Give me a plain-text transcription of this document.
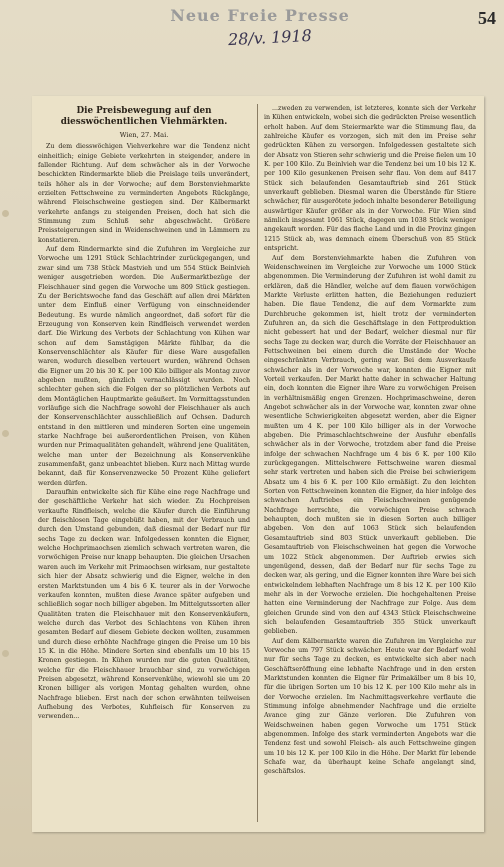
Neue Freie Presse
28/v. 1918
54
Die Preisbewegung auf den diesswöchentlichen Viehmärkten.
Wien, 27. Mai.

Zu dem diesswöchigen Viehverkehre war die Tendenz nicht einheitlich; einige Gebiete verkehrten in steigender, andere in fallender Richtung. Auf dem schwächer als in der Vorwoche beschickten Rindermarkte blieb die Preislage teils unverändert, teils höher als in der Vorwoche; auf dem Borstenviehmarkte erzielten Fettschweine zu verminderten Angebots Rückgänge, während Fleischschweine gestiegen sind. Der Kälbermarkt verkehrte anfangs zu steigenden Preisen, doch hat sich die Stimmung zum Schluß sehr abgeschwächt. Größere Preissteigerungen sind in Weidenschweinen und in Lämmern zu konstatieren.

Auf dem Rindermarkte sind die Zufuhren im Vergleiche zur Vorwoche um 1291 Stück Schlachtrinder zurückgegangen, und zwar sind um 738 Stück Mastvieh und um 554 Stück Beinlvieh weniger ausgetrieben worden. Die Außermarktbezüge der Fleischhauer sind gegen die Vorwoche um 809 Stück gestiegen. Zu der Berichtswoche fand das Geschäft auf allen drei Märkten unter dem Einfluß einer Verfügung von einschneidender Bedeutung. Es wurde nämlich angeordnet, daß sofort für die Erzeugung von Konserven kein Rindfleisch verwendet werden darf. Die Wirkung des Verbots der Schlachtung von Kühen war schon auf dem Samstägigen Märkte fühlbar, da die Konservenschlächter als Käufer für diese Ware ausgefallen waren, wodurch dieselben verteuert wurden, während Ochsen die Eigner um 20 bis 30 K. per 100 Kilo billiger als Montag zuvor abgeben mußten, gänzlich vernachlässigt wurden. Noch schlechter gehen sich die Folgen der so plötzlichen Verbots auf dem Montäglichen Hauptmarkte geäußert. Im Vormittagsstunden vorläufige sich die Nachfrage sowohl der Fleischhauer als auch der Konservenschlächter ausschließlich auf Ochsen. Dadurch entstand in den mittleren und minderen Sorten eine ungemein starke Nachfrage bei außerordentlichen Preisen, von Kühen wurden nur Primaqualitäten gehandelt, während jene Qualitäten, welche man unter der Bezeichnung als Konservenkühe zusammenfaßt, ganz unbeachtet blieben. Kurz nach Mittag wurde bekannt, daß für Konservenzwecke 50 Prozent Kühe geliefert werden dürfen.

Daraufhin entwickelte sich für Kühe eine rege Nachfrage und der geschäftliche Verkehr hat sich wieder. Zu Hochpreisen verkaufte Rindfleisch, welche die Käufer durch die Einführung der fleischlosen Tage eingebüßt haben, mit der Verbrauch und durch den Umstand gebunden, daß diesmal der Bedarf nur für sechs Tage zu decken war. Infolgedessen konnten die Eigner, welche Hochprimaochsen ziemlich schwach vertreten waren, die vorwöchigen Preise nur knapp behaupten. Die gleichen Ursachen waren auch im Verkehr mit Primaochsen wirksam, nur gestaltete sich hier der Absatz schwierig und die Eigner, welche in den ersten Marktstunden um 4 bis 6 K. teurer als in der Vorwoche verkaufen konnten, mußten diese Avance später aufgeben und schließlich sogar noch billiger abgeben. Im Mittelgutssorten aller Qualitäten traten die Fleischhauer mit den Konservenkäufern, welche durch das Verbot des Schlachtens von Kühen ihren gesamten Bedarf auf diesem Gebiete decken wollten, zusammen und durch diese erhöhte Nachfrage gingen die Preise um 10 bis 15 K. in die Höhe. Mindere Sorten sind ebenfalls um 10 bis 15 Kronen gestiegen. In Kühen wurden nur die guten Qualitäten, welche für die Fleischhauer brauchbar sind, zu vorwöchigen Preisen abgesetzt, während Konservenkühe, wiewohl sie um 20 Kronen billiger als vorigen Montag gehalten wurden, ohne Nachfrage blieben. Erst nach der schon erwähnten teilweisen Aufhebung des Verbotes, Kuhfleisch für Konserven zu verwenden...

...zweden zu verwenden, ist letzteres, konnte sich der Verkehr in Kühen entwickeln, wobei sich die gedrückten Preise wesentlich erholt haben. Auf dem Steiermarkte war die Stimmung flau, da zahlreiche Käufer es vorzogen, sich mit den im Preise sehr gedrückten Kühen zu versorgen. Infolgedessen gestaltete sich der Absatz von Stieren sehr schwierig und die Preise fielen um 10 K. per 100 Kilo. Zu Beinlvieh war die Tendenz bei um 10 bis 12 K. per 100 Kilo gesunkenen Preisen sehr flau. Von dem auf 8417 Stück sich belaufenden Gesamtauftrieb sind 261 Stück unverkauft geblieben. Diesmal waren die Überstände für Stiere schwächer, für ausgerötete jedoch inhalte besonderer Beteiligung auswärtiger Käufer größer als in der Vorwoche. Für Wien sind nämlich insgesamt 1061 Stück, dagegen um 1038 Stück weniger angekauft worden. Für das flache Land und in die Provinz gingen 1215 Stück ab, was demnach einem Überschuß von 85 Stück entspricht.

Auf dem Borstenviehmarkte haben die Zufuhren von Weidenschweinen im Vergleiche zur Vorwoche um 1000 Stück abgenommen. Die Verminderung der Zufuhren ist wohl damit zu erklären, daß die Händler, welche auf dem flauen vorwöchigen Markte Verluste erlitten hatten, die Beziehungen reduziert haben. Die flaue Tendenz, die auf dem Vormarkte zum Durchbruche gekommen ist, hielt trotz der verminderten Zufuhren an, da sich die Geschäftslage in den Fettproduktion nicht gebessert hat und der Bedarf, welcher diesmal nur für sechs Tage zu decken war, durch die Vorräte der Fleischhauer an Fettschweinen bei einem durch die Umstände der Woche eingeschränkten Verbrauch, gering war. Bei dem Ausverkaufe schwächer als in der Vorwoche war, konnten die Eigner mit Vorteil verkaufen. Der Markt hatte daher in schwacher Haltung ein, doch konnten die Eigner ihre Ware zu vorwöchigen Preisen in verhältnismäßig engen Grenzen. Hochprimaschweine, deren Angebot schwächer als in der Vorwoche war, konnten zwar ohne wesentliche Schwierigkeiten abgesetzt werden, aber die Eigner mußten um 4 K. per 100 Kilo billiger als in der Vorwoche abgeben. Die Primaschlachtschweine der Ausfuhr ebenfalls schwächer als in der Vorwoche, trotzdem aber fand die Preise infolge der schwachen Nachfrage um 4 bis 6 K. per 100 Kilo zurückgegangen. Mittelschwere Fettschweine waren diesmal sehr stark vertreten und haben sich die Preise bei schwierigem Absatz um 4 bis 6 K. per 100 Kilo ermäßigt. Zu den leichten Sorten von Fettschweinen konnten die Eigner, da hier infolge des schwachen Auftriebes ein Fleischschweinen genügende Nachfrage herrschte, die vorwöchigen Preise schwach behaupten, doch mußten sie in diesen Sorten auch billiger abgeben. Von den auf 1063 Stück sich belaufenden Gesamtauftrieb sind 803 Stück unverkauft geblieben. Die Gesamtauftrieb von Fleischschweinen hat gegen die Vorwoche um 1022 Stück abgenommen. Der Auftrieb erwies sich ungenügend, dessen, daß der Bedarf nur für sechs Tage zu decken war, als gering, und die Eigner konnten ihre Ware bei sich entwickelndem lebhaften Nachfrage um 8 bis 12 K. per 100 Kilo mehr als in der Vorwoche erzielen. Die hochgehaltenen Preise hatten eine Verminderung der Nachfrage zur Folge. Aus dem gleichen Grunde sind von den auf 4343 Stück Fleischschweine sich belaufenden Gesamtauftrieb 355 Stück unverkauft geblieben.

Auf dem Kälbermarkte waren die Zufuhren im Vergleiche zur Vorwoche um 797 Stück schwächer. Heute war der Bedarf wohl nur für sechs Tage zu decken, es entwickelte sich aber nach Geschäftseröffnung eine lebhafte Nachfrage und in den ersten Marktstunden konnten die Eigner für Primakälber um 8 bis 10, für die übrigen Sorten um 10 bis 12 K. per 100 Kilo mehr als in der Vorwoche erzielen. Im Nachmittagsverkehre verflaute die Stimmung infolge abnehmender Nachfrage und die erzielte Avance ging zur Gänze verloren. Die Zufuhren von Weidschweinen haben gegen Vorwoche um 1751 Stück abgenommen. Infolge des stark verminderten Angebots war die Tendenz fest und sowohl Fleisch- als auch Fettschweine gingen um 10 bis 12 K. per 100 Kilo in die Höhe. Der Markt für lebende Schafe war, da überhaupt keine Schafe angelangt sind, geschäftslos.
